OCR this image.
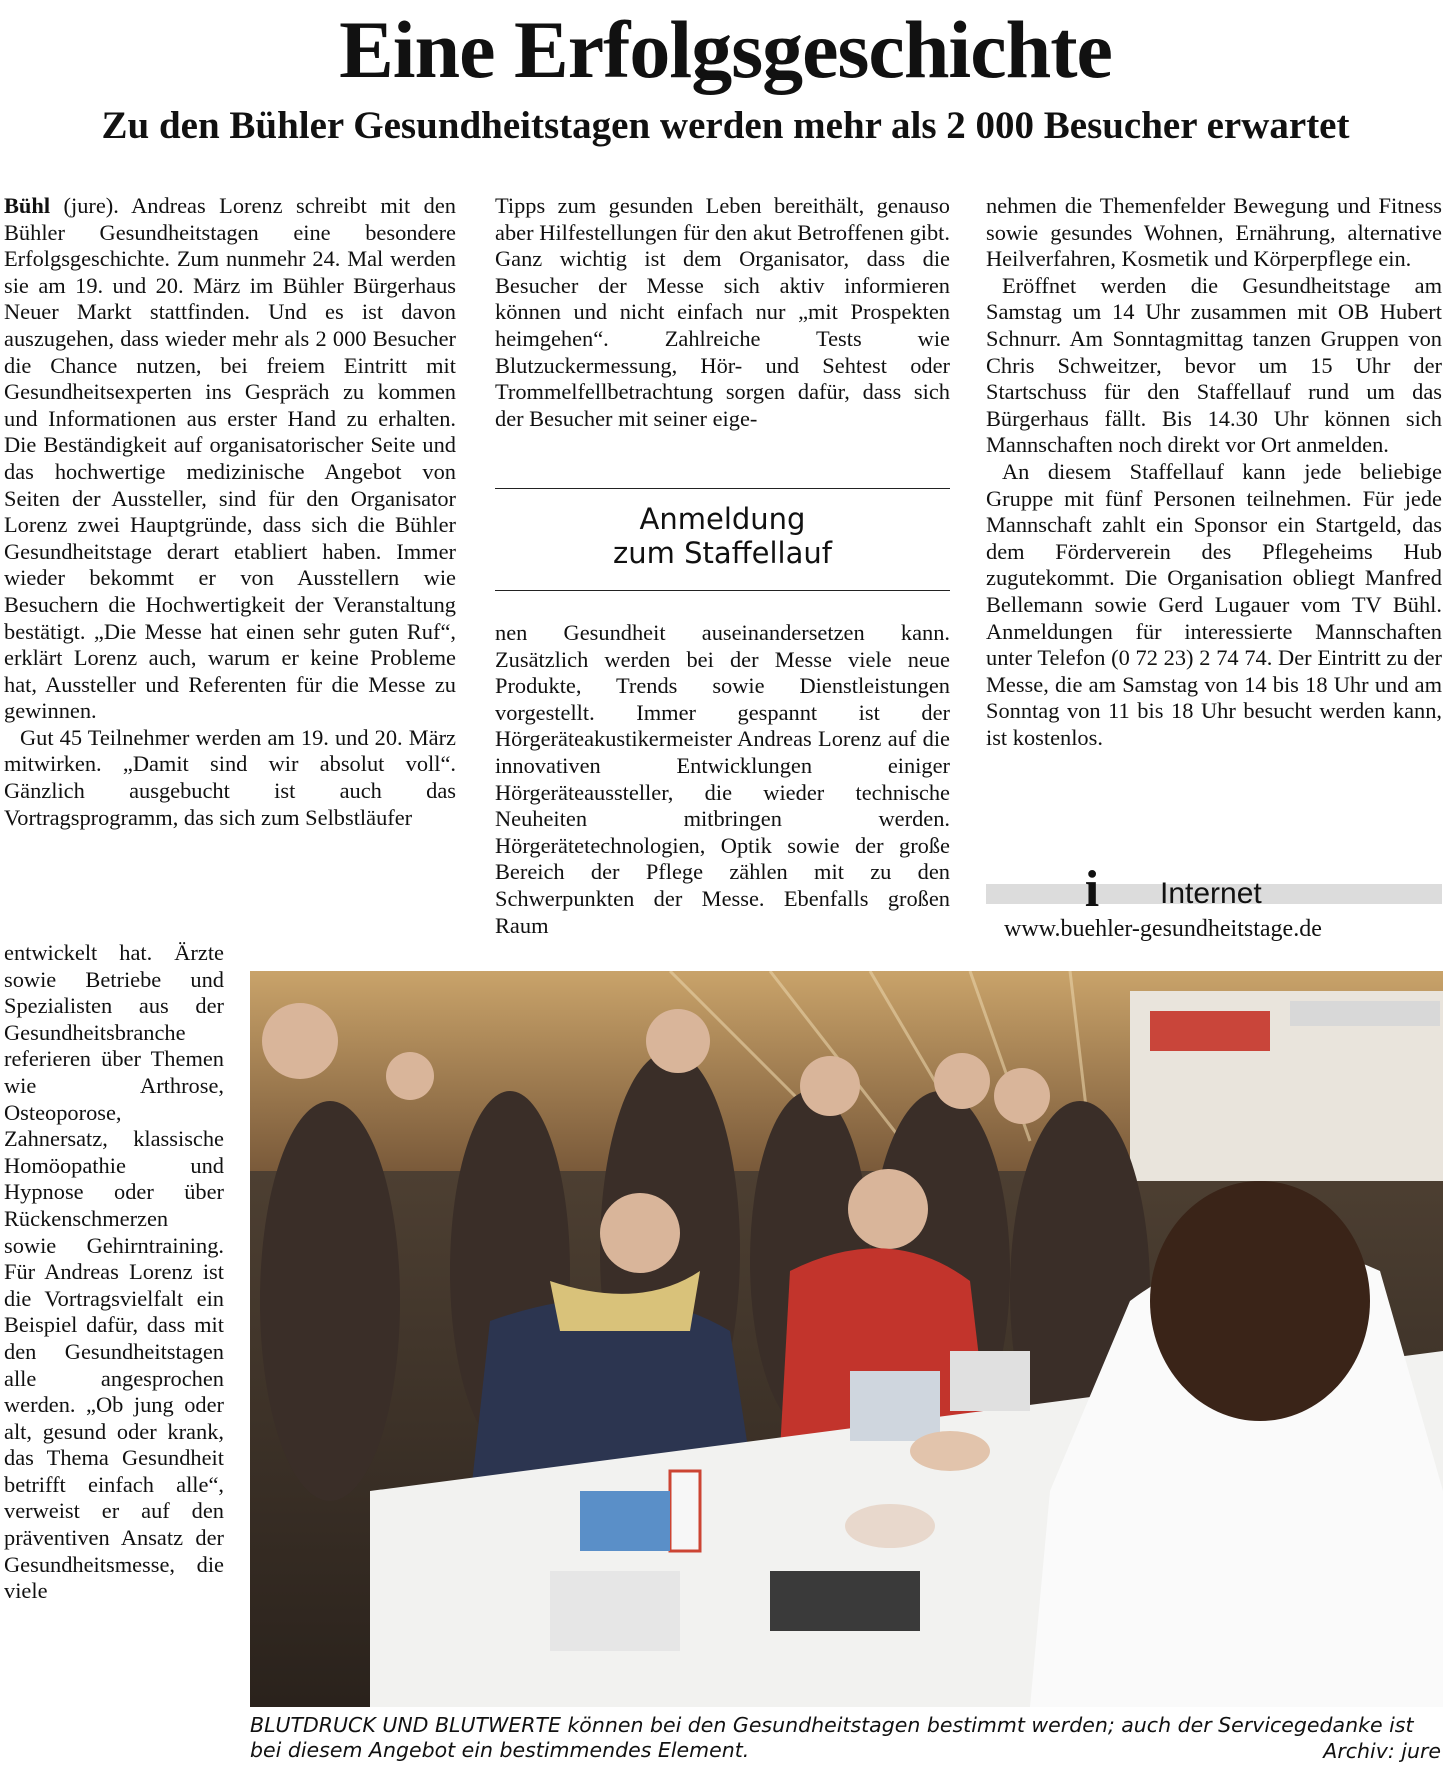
Eine Erfolgsgeschichte
Zu den Bühler Gesundheitstagen werden mehr als 2 000 Besucher erwartet

Bühl (jure). Andreas Lorenz schreibt mit den Bühler Gesundheitstagen eine besondere Erfolgsgeschichte. Zum nunmehr 24. Mal werden sie am 19. und 20. März im Bühler Bürgerhaus Neuer Markt stattfinden. Und es ist davon auszugehen, dass wieder mehr als 2 000 Besucher die Chance nutzen, bei freiem Eintritt mit Gesundheitsexperten ins Gespräch zu kommen und Informationen aus erster Hand zu erhalten. Die Beständigkeit auf organisatorischer Seite und das hochwertige medizinische Angebot von Seiten der Aussteller, sind für den Organisator Lorenz zwei Hauptgründe, dass sich die Bühler Gesundheitstage derart etabliert haben. Immer wieder bekommt er von Ausstellern wie Besuchern die Hochwertigkeit der Veranstaltung bestätigt. „Die Messe hat einen sehr guten Ruf“, erklärt Lorenz auch, warum er keine Probleme hat, Aussteller und Referenten für die Messe zu gewinnen.

Gut 45 Teilnehmer werden am 19. und 20. März mitwirken. „Damit sind wir absolut voll“. Gänzlich ausgebucht ist auch das Vortragsprogramm, das sich zum Selbstläufer

entwickelt hat. Ärzte sowie Betriebe und Spezialisten aus der Gesundheitsbranche referieren über Themen wie Arthrose, Osteoporose, Zahnersatz, klassische Homöopathie und Hypnose oder über Rückenschmerzen sowie Gehirntraining. Für Andreas Lorenz ist die Vortragsvielfalt ein Beispiel dafür, dass mit den Gesundheitstagen alle angesprochen werden. „Ob jung oder alt, gesund oder krank, das Thema Gesundheit betrifft einfach alle“, verweist er auf den präventiven Ansatz der Gesundheitsmesse, die viele

Tipps zum gesunden Leben bereithält, genauso aber Hilfestellungen für den akut Betroffenen gibt. Ganz wichtig ist dem Organisator, dass die Besucher der Messe sich aktiv informieren können und nicht einfach nur „mit Prospekten heimgehen“. Zahlreiche Tests wie Blutzuckermessung, Hör- und Sehtest oder Trommelfellbetrachtung sorgen dafür, dass sich der Besucher mit seiner eige-

Anmeldung
zum Staffellauf

nen Gesundheit auseinandersetzen kann. Zusätzlich werden bei der Messe viele neue Produkte, Trends sowie Dienstleistungen vorgestellt. Immer gespannt ist der Hörgeräteakustikermeister Andreas Lorenz auf die innovativen Entwicklungen einiger Hörgeräteaussteller, die wieder technische Neuheiten mitbringen werden. Hörgerätetechnologien, Optik sowie der große Bereich der Pflege zählen mit zu den Schwerpunkten der Messe. Ebenfalls großen Raum

nehmen die Themenfelder Bewegung und Fitness sowie gesundes Wohnen, Ernährung, alternative Heilverfahren, Kosmetik und Körperpflege ein.

Eröffnet werden die Gesundheitstage am Samstag um 14 Uhr zusammen mit OB Hubert Schnurr. Am Sonntagmittag tanzen Gruppen von Chris Schweitzer, bevor um 15 Uhr der Startschuss für den Staffellauf rund um das Bürgerhaus fällt. Bis 14.30 Uhr können sich Mannschaften noch direkt vor Ort anmelden.

An diesem Staffellauf kann jede beliebige Gruppe mit fünf Personen teilnehmen. Für jede Mannschaft zahlt ein Sponsor ein Startgeld, das dem Förderverein des Pflegeheims Hub zugutekommt. Die Organisation obliegt Manfred Bellemann sowie Gerd Lugauer vom TV Bühl. Anmeldungen für interessierte Mannschaften unter Telefon (0 72 23) 2 74 74. Der Eintritt zu der Messe, die am Samstag von 14 bis 18 Uhr und am Sonntag von 11 bis 18 Uhr besucht werden kann, ist kostenlos.

i Internet
www.buehler-gesundheitstage.de
BLUTDRUCK UND BLUTWERTE können bei den Gesundheitstagen bestimmt werden; auch der Servicegedanke ist bei diesem Angebot ein bestimmendes Element.	Archiv: jure
